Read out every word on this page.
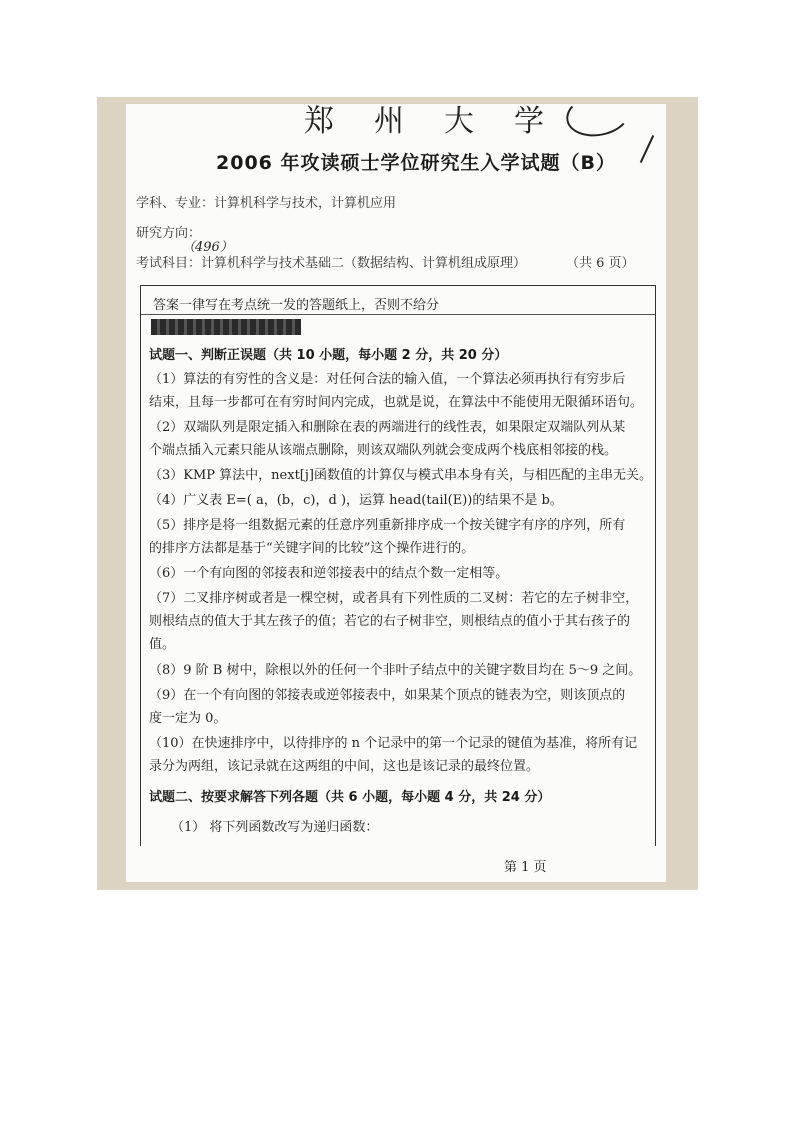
郑州大学
2006 年攻读硕士学位研究生入学试题（B）
学科、专业：计算机科学与技术，计算机应用
研究方向：
（496）
考试科目：计算机科学与技术基础二（数据结构、计算机组成原理）	（共 6 页）
答案一律写在考点统一发的答题纸上，否则不给分
试题一、判断正误题（共 10 小题，每小题 2 分，共 20 分）
（1）算法的有穷性的含义是：对任何合法的输入值，一个算法必须再执行有穷步后
结束，且每一步都可在有穷时间内完成，也就是说，在算法中不能使用无限循环语句。
（2）双端队列是限定插入和删除在表的两端进行的线性表，如果限定双端队列从某
个端点插入元素只能从该端点删除，则该双端队列就会变成两个栈底相邻接的栈。
（3）KMP 算法中，next[j]函数值的计算仅与模式串本身有关，与相匹配的主串无关。
（4）广义表 E=( a，(b，c)，d )，运算 head(tail(E))的结果不是 b。
（5）排序是将一组数据元素的任意序列重新排序成一个按关键字有序的序列，所有
的排序方法都是基于“关键字间的比较”这个操作进行的。
（6）一个有向图的邻接表和逆邻接表中的结点个数一定相等。
（7）二叉排序树或者是一棵空树，或者具有下列性质的二叉树：若它的左子树非空，
则根结点的值大于其左孩子的值；若它的右子树非空，则根结点的值小于其右孩子的
值。
（8）9 阶 B 树中，除根以外的任何一个非叶子结点中的关键字数目均在 5～9 之间。
（9）在一个有向图的邻接表或逆邻接表中，如果某个顶点的链表为空，则该顶点的
度一定为 0。
（10）在快速排序中，以待排序的 n 个记录中的第一个记录的键值为基准，将所有记
录分为两组，该记录就在这两组的中间，这也是该记录的最终位置。
试题二、按要求解答下列各题（共 6 小题，每小题 4 分，共 24 分）
（1） 将下列函数改写为递归函数：
第 1 页
